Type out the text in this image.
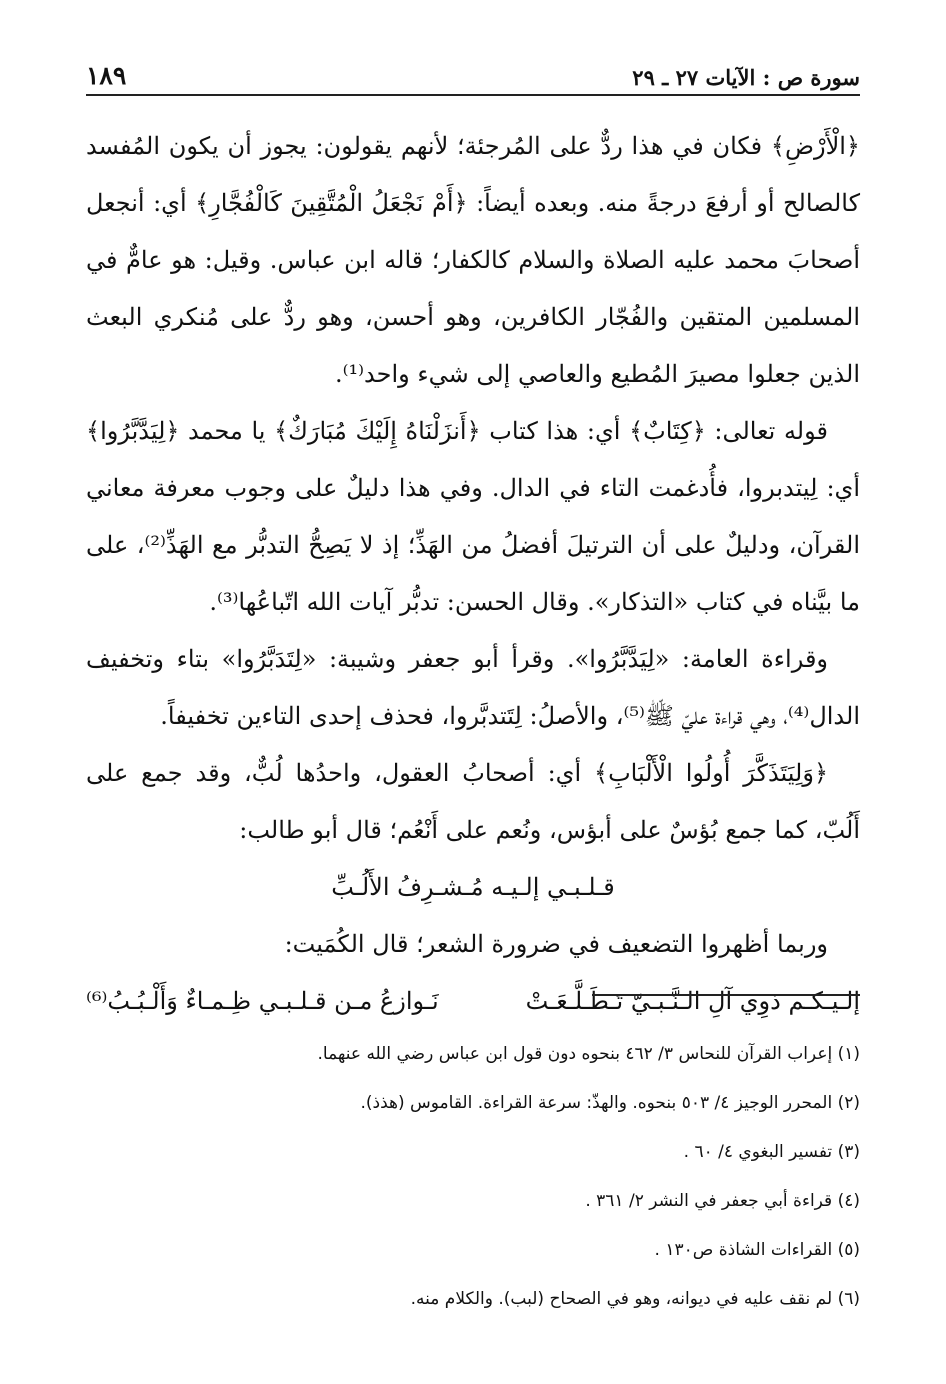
سورة ص : الآيات ٢٧ ـ ٢٩
١٨٩

﴿الْأَرْضِ﴾ فكان في هذا ردٌّ على المُرجئة؛ لأنهم يقولون: يجوز أن يكون المُفسد كالصالح أو أرفعَ درجةً منه. وبعده أيضاً: ﴿أَمْ نَجْعَلُ الْمُتَّقِينَ كَالْفُجَّارِ﴾ أي: أنجعل أصحابَ محمد عليه الصلاة والسلام كالكفار؛ قاله ابن عباس. وقيل: هو عامٌّ في المسلمين المتقين والفُجّار الكافرين، وهو أحسن، وهو ردٌّ على مُنكري البعث الذين جعلوا مصيرَ المُطيع والعاصي إلى شيء واحد⁽¹⁾.

قوله تعالى: ﴿كِتَابٌ﴾ أي: هذا كتاب ﴿أَنزَلْنَاهُ إِلَيْكَ مُبَارَكٌ﴾ يا محمد ﴿لِيَدَّبَّرُوا﴾ أي: لِيتدبروا، فأُدغمت التاء في الدال. وفي هذا دليلٌ على وجوب معرفة معاني القرآن، ودليلٌ على أن الترتيلَ أفضلُ من الهَذِّ؛ إذ لا يَصِحُّ التدبُّر مع الهَذِّ⁽²⁾، على ما بيَّناه في كتاب «التذكار». وقال الحسن: تدبُّر آيات الله اتّباعُها⁽³⁾.

وقراءة العامة: «لِيَدَّبَّرُوا». وقرأ أبو جعفر وشيبة: «لِتَدَبَّرُوا» بتاء وتخفيف الدال⁽⁴⁾، وهي قراءة عليّ ﷺ⁽⁵⁾، والأصلُ: لِتَتدبَّروا، فحذف إحدى التاءين تخفيفاً.

﴿وَلِيَتَذَكَّرَ أُولُوا الْأَلْبَابِ﴾ أي: أصحابُ العقول، واحدُها لُبٌّ، وقد جمع على أَلُبّ، كما جمع بُؤسٌ على أبؤس، ونُعم على أَنْعُم؛ قال أبو طالب:

قـلـبـي إلـيـه مُـشـرِفُ الأَلُـبِّ

وربما أظهروا التضعيف في ضرورة الشعر؛ قال الكُمَيت:

إلـيـكـم ذوِي آلِ الـنَّـبـيّ تَـطَـلَّـعَـتْ
نَـوازعُ مـن قـلـبـي ظِـمـاءٌ وَأَلْـبُـبُ⁽⁶⁾

(١) إعراب القرآن للنحاس ٣/ ٤٦٢ بنحوه دون قول ابن عباس رضي الله عنهما.

(٢) المحرر الوجيز ٤/ ٥٠٣ بنحوه. والهذّ: سرعة القراءة. القاموس (هذذ).

(٣) تفسير البغوي ٤/ ٦٠ .

(٤) قراءة أبي جعفر في النشر ٢/ ٣٦١ .

(٥) القراءات الشاذة ص١٣٠ .

(٦) لم نقف عليه في ديوانه، وهو في الصحاح (لبب). والكلام منه.
